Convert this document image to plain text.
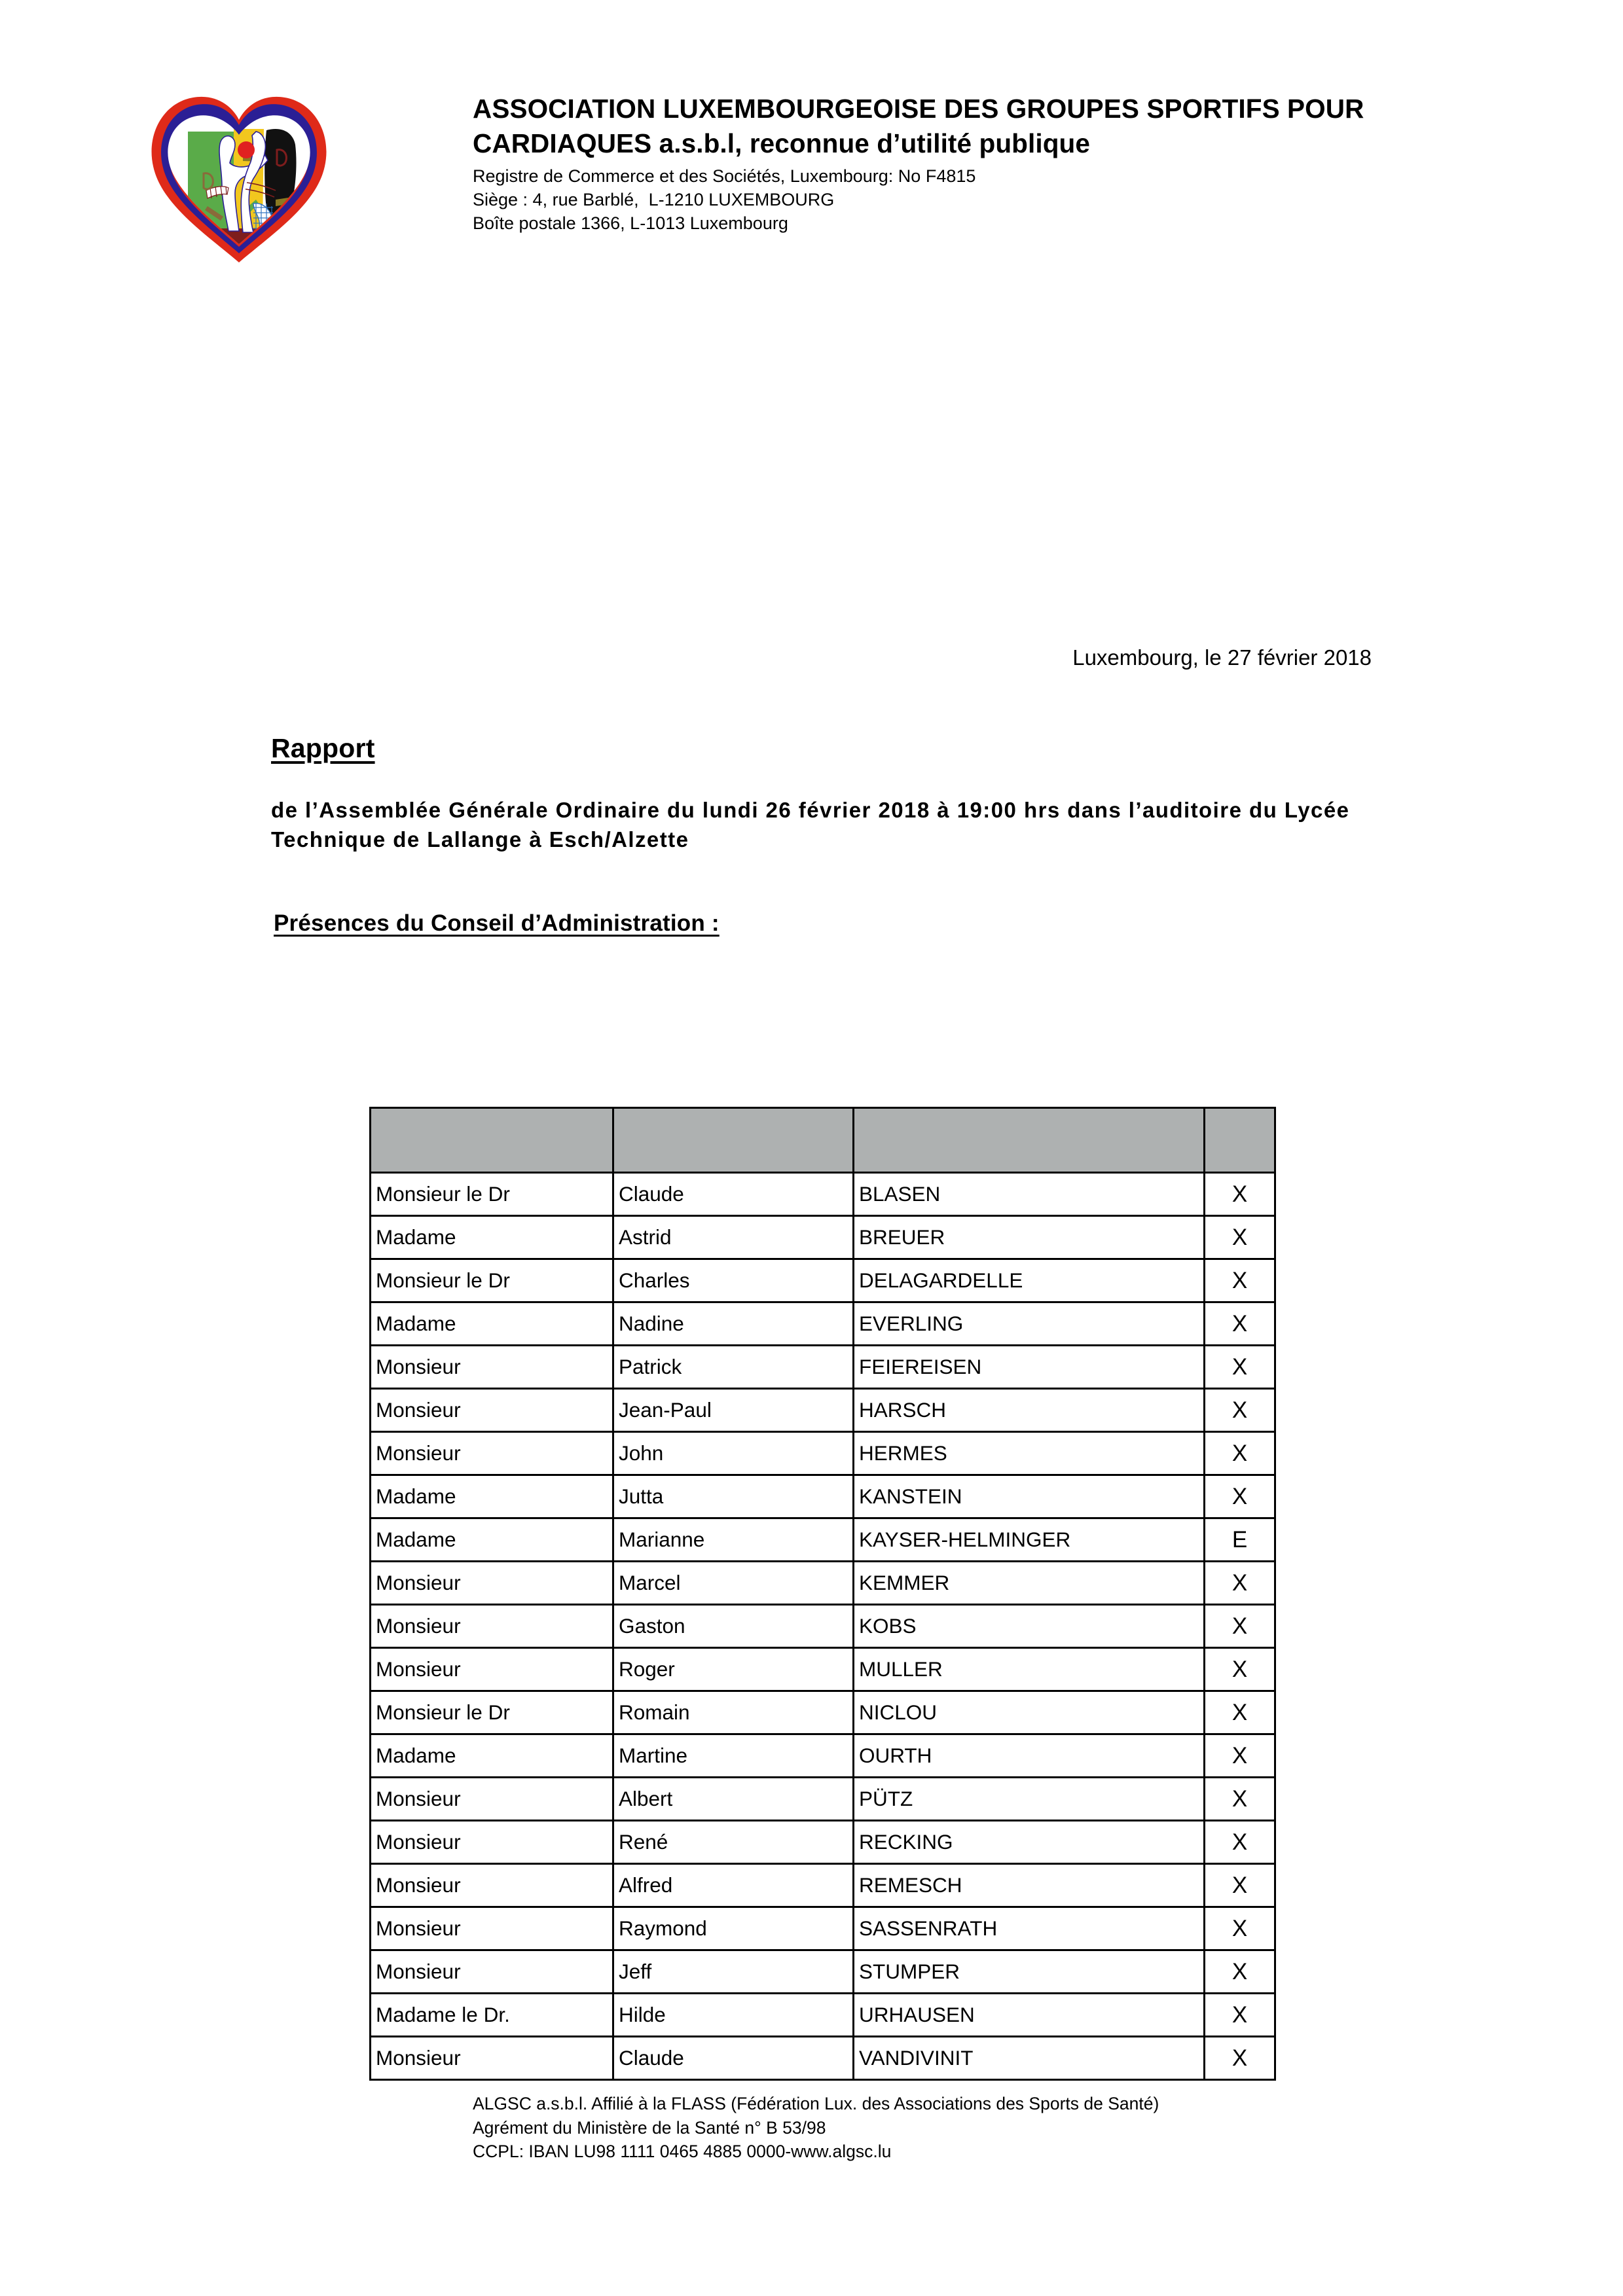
ASSOCIATION LUXEMBOURGEOISE DES GROUPES SPORTIFS POUR
CARDIAQUES a.s.b.l, reconnue d’utilité publique
Registre de Commerce et des Sociétés, Luxembourg: No F4815
Siège : 4, rue Barblé,  L-1210 LUXEMBOURG
Boîte postale 1366, L-1013 Luxembourg
Luxembourg, le 27 février 2018
Rapport

de l’Assemblée Générale Ordinaire du lundi 26 février 2018 à 19:00 hrs dans l’auditoire du Lycée Technique de Lallange à Esch/Alzette

Présences du Conseil d’Administration :

Monsieur le Dr	Claude	BLASEN	X
Madame	Astrid	BREUER	X
Monsieur le Dr	Charles	DELAGARDELLE	X
Madame	Nadine	EVERLING	X
Monsieur	Patrick	FEIEREISEN	X
Monsieur	Jean-Paul	HARSCH	X
Monsieur	John	HERMES	X
Madame	Jutta	KANSTEIN	X
Madame	Marianne	KAYSER-HELMINGER	E
Monsieur	Marcel	KEMMER	X
Monsieur	Gaston	KOBS	X
Monsieur	Roger	MULLER	X
Monsieur le Dr	Romain	NICLOU	X
Madame	Martine	OURTH	X
Monsieur	Albert	PÜTZ	X
Monsieur	René	RECKING	X
Monsieur	Alfred	REMESCH	X
Monsieur	Raymond	SASSENRATH	X
Monsieur	Jeff	STUMPER	X
Madame le Dr.	Hilde	URHAUSEN	X
Monsieur	Claude	VANDIVINIT	X
ALGSC a.s.b.l. Affilié à la FLASS (Fédération Lux. des Associations des Sports de Santé)
Agrément du Ministère de la Santé n° B 53/98
CCPL: IBAN LU98 1111 0465 4885 0000-www.algsc.lu
